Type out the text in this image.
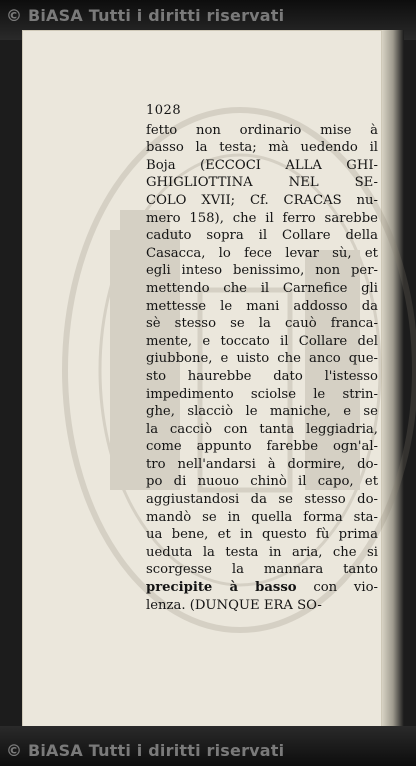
© BiASA Tutti i diritti riservati
1028
fetto non ordinario mise à
basso la testa; mà uedendo il
Boja (ECCOCI ALLA GHI-
GHIGLIOTTINA NEL SE-
COLO XVII; Cf. CRACAS nu-
mero 158), che il ferro sarebbe
caduto sopra il Collare della
Casacca, lo fece levar sù, et
egli inteso benissimo, non per-
mettendo che il Carnefice gli
mettesse le mani addosso da
sè stesso se la cauò franca-
mente, e toccato il Collare del
giubbone, e uisto che anco que-
sto haurebbe dato l'istesso
impedimento sciolse le strin-
ghe, slacciò le maniche, e se
la cacciò con tanta leggiadria,
come appunto farebbe ogn'al-
tro nell'andarsi à dormire, do-
po di nuouo chinò il capo, et
aggiustandosi da se stesso do-
mandò se in quella forma sta-
ua bene, et in questo fù prima
ueduta la testa in aria, che si
scorgesse la mannara tanto
precipite à basso con vio-
lenza. (DUNQUE ERA SO-
© BiASA Tutti i diritti riservati
